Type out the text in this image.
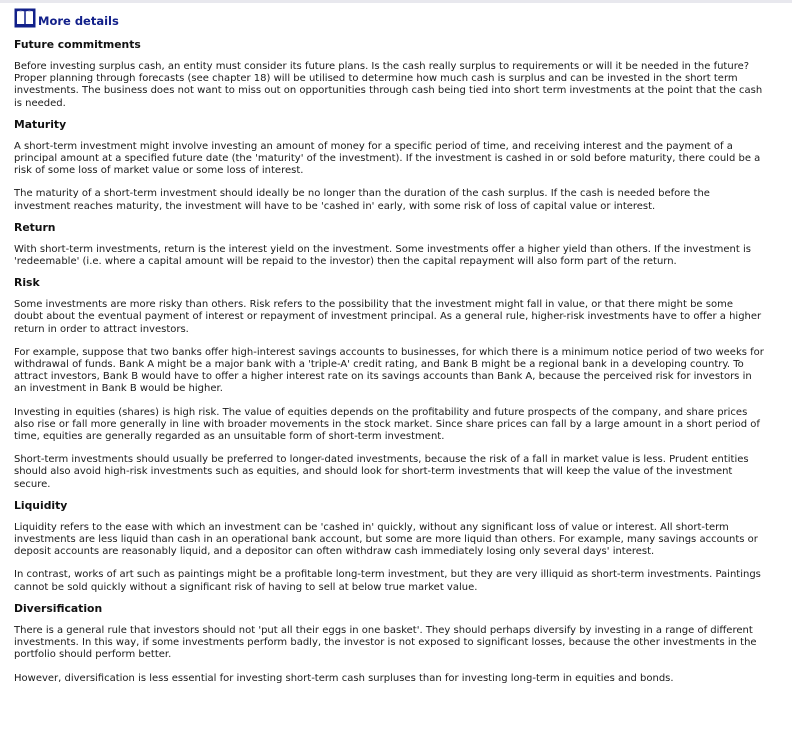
More details
Future commitments

Before investing surplus cash, an entity must consider its future plans. Is the cash really surplus to requirements or will it be needed in the future? Proper planning through forecasts (see chapter 18) will be utilised to determine how much cash is surplus and can be invested in the short term investments. The business does not want to miss out on opportunities through cash being tied into short term investments at the point that the cash is needed.

Maturity

A short-term investment might involve investing an amount of money for a specific period of time, and receiving interest and the payment of a principal amount at a specified future date (the 'maturity' of the investment). If the investment is cashed in or sold before maturity, there could be a risk of some loss of market value or some loss of interest.

The maturity of a short-term investment should ideally be no longer than the duration of the cash surplus. If the cash is needed before the investment reaches maturity, the investment will have to be 'cashed in' early, with some risk of loss of capital value or interest.

Return

With short-term investments, return is the interest yield on the investment. Some investments offer a higher yield than others. If the investment is 'redeemable' (i.e. where a capital amount will be repaid to the investor) then the capital repayment will also form part of the return.

Risk

Some investments are more risky than others. Risk refers to the possibility that the investment might fall in value, or that there might be some doubt about the eventual payment of interest or repayment of investment principal. As a general rule, higher-risk investments have to offer a higher return in order to attract investors.

For example, suppose that two banks offer high-interest savings accounts to businesses, for which there is a minimum notice period of two weeks for withdrawal of funds. Bank A might be a major bank with a 'triple-A' credit rating, and Bank B might be a regional bank in a developing country. To attract investors, Bank B would have to offer a higher interest rate on its savings accounts than Bank A, because the perceived risk for investors in an investment in Bank B would be higher.

Investing in equities (shares) is high risk. The value of equities depends on the profitability and future prospects of the company, and share prices also rise or fall more generally in line with broader movements in the stock market. Since share prices can fall by a large amount in a short period of time, equities are generally regarded as an unsuitable form of short-term investment.

Short-term investments should usually be preferred to longer-dated investments, because the risk of a fall in market value is less. Prudent entities should also avoid high-risk investments such as equities, and should look for short-term investments that will keep the value of the investment secure.

Liquidity

Liquidity refers to the ease with which an investment can be 'cashed in' quickly, without any significant loss of value or interest. All short-term investments are less liquid than cash in an operational bank account, but some are more liquid than others. For example, many savings accounts or deposit accounts are reasonably liquid, and a depositor can often withdraw cash immediately losing only several days' interest.

In contrast, works of art such as paintings might be a profitable long-term investment, but they are very illiquid as short-term investments. Paintings cannot be sold quickly without a significant risk of having to sell at below true market value.

Diversification

There is a general rule that investors should not 'put all their eggs in one basket'. They should perhaps diversify by investing in a range of different investments. In this way, if some investments perform badly, the investor is not exposed to significant losses, because the other investments in the portfolio should perform better.

However, diversification is less essential for investing short-term cash surpluses than for investing long-term in equities and bonds.
